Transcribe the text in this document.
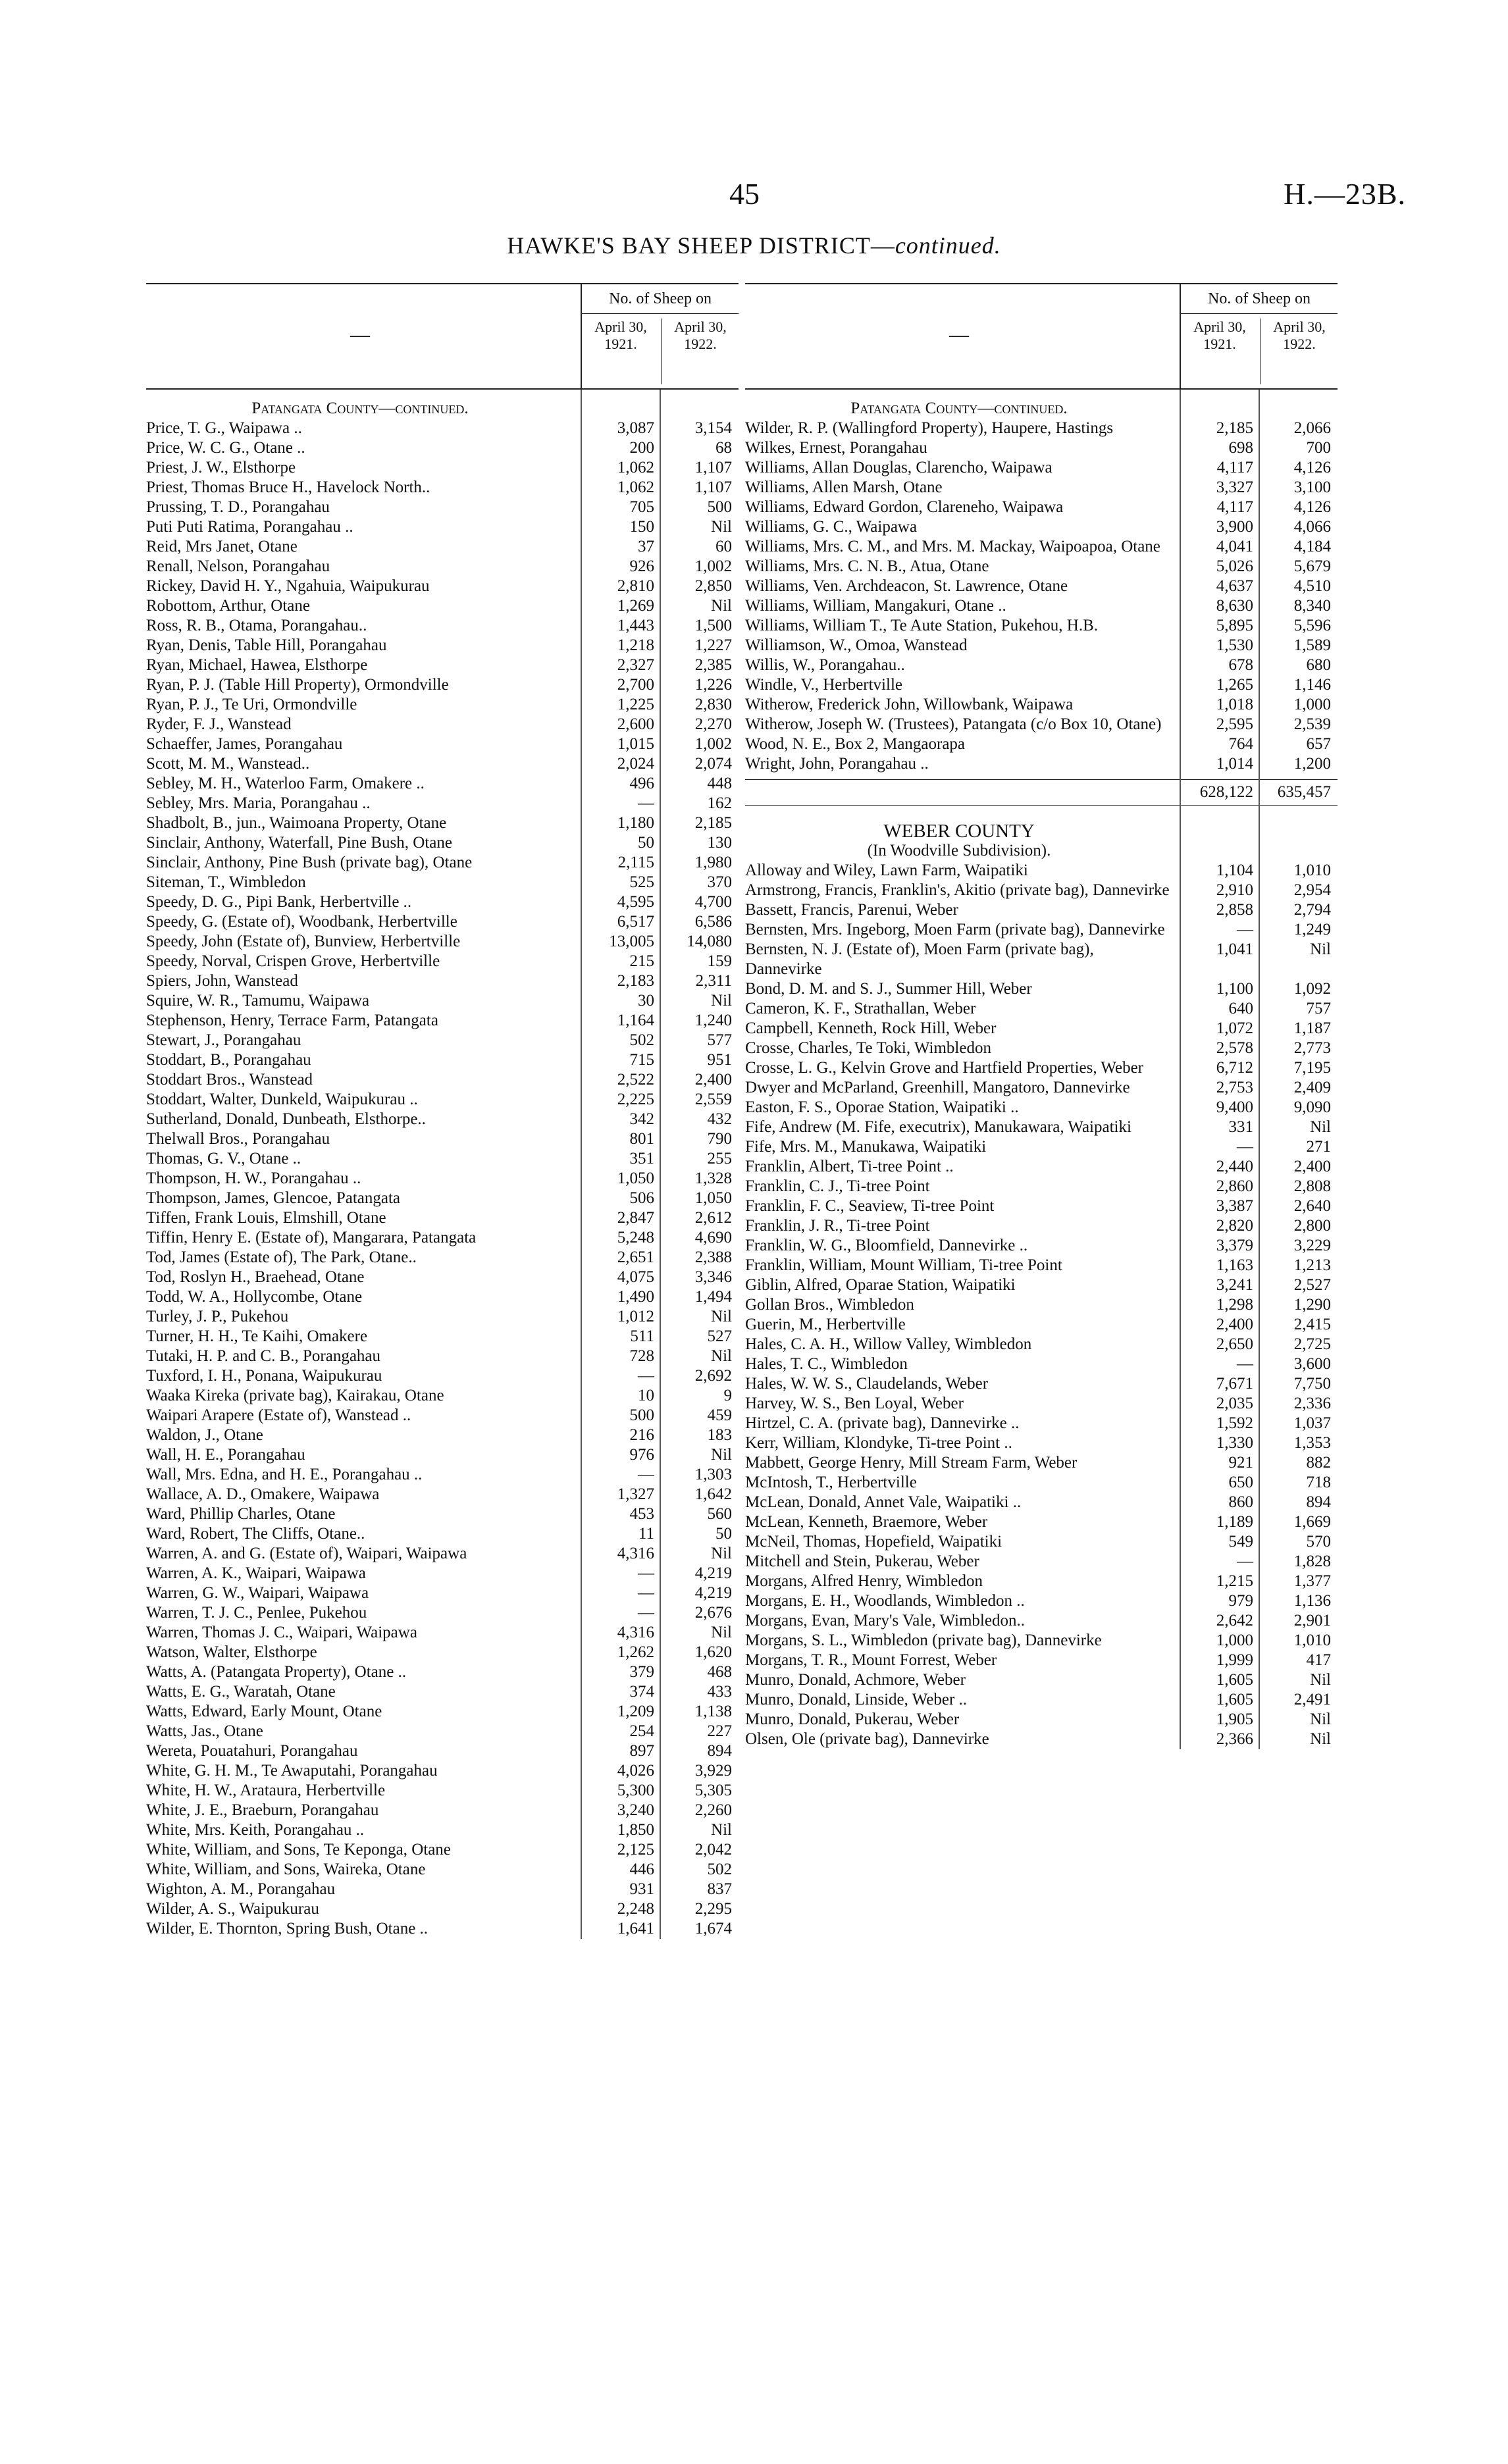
45	H.—23B.
HAWKE'S BAY SHEEP DISTRICT—continued.
—
No. of Sheep on
April 30, 1921.
April 30, 1922.
Patangata County—continued.
Price, T. G., Waipawa ..	3,087	3,154
Price, W. C. G., Otane ..	200	68
Priest, J. W., Elsthorpe	1,062	1,107
Priest, Thomas Bruce H., Havelock North..	1,062	1,107
Prussing, T. D., Porangahau	705	500
Puti Puti Ratima, Porangahau ..	150	Nil
Reid, Mrs Janet, Otane	37	60
Renall, Nelson, Porangahau	926	1,002
Rickey, David H. Y., Ngahuia, Waipukurau	2,810	2,850
Robottom, Arthur, Otane	1,269	Nil
Ross, R. B., Otama, Porangahau..	1,443	1,500
Ryan, Denis, Table Hill, Porangahau	1,218	1,227
Ryan, Michael, Hawea, Elsthorpe	2,327	2,385
Ryan, P. J. (Table Hill Property), Ormondville	2,700	1,226
Ryan, P. J., Te Uri, Ormondville	1,225	2,830
Ryder, F. J., Wanstead	2,600	2,270
Schaeffer, James, Porangahau	1,015	1,002
Scott, M. M., Wanstead..	2,024	2,074
Sebley, M. H., Waterloo Farm, Omakere ..	496	448
Sebley, Mrs. Maria, Porangahau ..	—	162
Shadbolt, B., jun., Waimoana Property, Otane	1,180	2,185
Sinclair, Anthony, Waterfall, Pine Bush, Otane	50	130
Sinclair, Anthony, Pine Bush (private bag), Otane	2,115	1,980
Siteman, T., Wimbledon	525	370
Speedy, D. G., Pipi Bank, Herbertville ..	4,595	4,700
Speedy, G. (Estate of), Woodbank, Herbertville	6,517	6,586
Speedy, John (Estate of), Bunview, Herbertville	13,005	14,080
Speedy, Norval, Crispen Grove, Herbertville	215	159
Spiers, John, Wanstead	2,183	2,311
Squire, W. R., Tamumu, Waipawa	30	Nil
Stephenson, Henry, Terrace Farm, Patangata	1,164	1,240
Stewart, J., Porangahau	502	577
Stoddart, B., Porangahau	715	951
Stoddart Bros., Wanstead	2,522	2,400
Stoddart, Walter, Dunkeld, Waipukurau ..	2,225	2,559
Sutherland, Donald, Dunbeath, Elsthorpe..	342	432
Thelwall Bros., Porangahau	801	790
Thomas, G. V., Otane ..	351	255
Thompson, H. W., Porangahau ..	1,050	1,328
Thompson, James, Glencoe, Patangata	506	1,050
Tiffen, Frank Louis, Elmshill, Otane	2,847	2,612
Tiffin, Henry E. (Estate of), Mangarara, Patangata	5,248	4,690
Tod, James (Estate of), The Park, Otane..	2,651	2,388
Tod, Roslyn H., Braehead, Otane	4,075	3,346
Todd, W. A., Hollycombe, Otane	1,490	1,494
Turley, J. P., Pukehou	1,012	Nil
Turner, H. H., Te Kaihi, Omakere	511	527
Tutaki, H. P. and C. B., Porangahau	728	Nil
Tuxford, I. H., Ponana, Waipukurau	—	2,692
Waaka Kireka (private bag), Kairakau, Otane	10	9
Waipari Arapere (Estate of), Wanstead ..	500	459
Waldon, J., Otane	216	183
Wall, H. E., Porangahau	976	Nil
Wall, Mrs. Edna, and H. E., Porangahau ..	—	1,303
Wallace, A. D., Omakere, Waipawa	1,327	1,642
Ward, Phillip Charles, Otane	453	560
Ward, Robert, The Cliffs, Otane..	11	50
Warren, A. and G. (Estate of), Waipari, Waipawa	4,316	Nil
Warren, A. K., Waipari, Waipawa	—	4,219
Warren, G. W., Waipari, Waipawa	—	4,219
Warren, T. J. C., Penlee, Pukehou	—	2,676
Warren, Thomas J. C., Waipari, Waipawa	4,316	Nil
Watson, Walter, Elsthorpe	1,262	1,620
Watts, A. (Patangata Property), Otane ..	379	468
Watts, E. G., Waratah, Otane	374	433
Watts, Edward, Early Mount, Otane	1,209	1,138
Watts, Jas., Otane	254	227
Wereta, Pouatahuri, Porangahau	897	894
White, G. H. M., Te Awaputahi, Porangahau	4,026	3,929
White, H. W., Arataura, Herbertville	5,300	5,305
White, J. E., Braeburn, Porangahau	3,240	2,260
White, Mrs. Keith, Porangahau ..	1,850	Nil
White, William, and Sons, Te Keponga, Otane	2,125	2,042
White, William, and Sons, Waireka, Otane	446	502
Wighton, A. M., Porangahau	931	837
Wilder, A. S., Waipukurau	2,248	2,295
Wilder, E. Thornton, Spring Bush, Otane ..	1,641	1,674
—
No. of Sheep on
April 30, 1921.
April 30, 1922.
Patangata County—continued.
Wilder, R. P. (Wallingford Property), Haupere, Hastings	2,185	2,066
Wilkes, Ernest, Porangahau	698	700
Williams, Allan Douglas, Clarencho, Waipawa	4,117	4,126
Williams, Allen Marsh, Otane	3,327	3,100
Williams, Edward Gordon, Clareneho, Waipawa	4,117	4,126
Williams, G. C., Waipawa	3,900	4,066
Williams, Mrs. C. M., and Mrs. M. Mackay, Waipoapoa, Otane	4,041	4,184
Williams, Mrs. C. N. B., Atua, Otane	5,026	5,679
Williams, Ven. Archdeacon, St. Lawrence, Otane	4,637	4,510
Williams, William, Mangakuri, Otane ..	8,630	8,340
Williams, William T., Te Aute Station, Pukehou, H.B.	5,895	5,596
Williamson, W., Omoa, Wanstead	1,530	1,589
Willis, W., Porangahau..	678	680
Windle, V., Herbertville	1,265	1,146
Witherow, Frederick John, Willowbank, Waipawa	1,018	1,000
Witherow, Joseph W. (Trustees), Patangata (c/o Box 10, Otane)	2,595	2,539
Wood, N. E., Box 2, Mangaorapa	764	657
Wright, John, Porangahau ..	1,014	1,200
628,122	635,457
WEBER COUNTY
(In Woodville Subdivision).
Alloway and Wiley, Lawn Farm, Waipatiki	1,104	1,010
Armstrong, Francis, Franklin's, Akitio (private bag), Dannevirke	2,910	2,954
Bassett, Francis, Parenui, Weber	2,858	2,794
Bernsten, Mrs. Ingeborg, Moen Farm (private bag), Dannevirke	—	1,249
Bernsten, N. J. (Estate of), Moen Farm (private bag), Dannevirke
1,041	Nil
Bond, D. M. and S. J., Summer Hill, Weber	1,100	1,092
Cameron, K. F., Strathallan, Weber	640	757
Campbell, Kenneth, Rock Hill, Weber	1,072	1,187
Crosse, Charles, Te Toki, Wimbledon	2,578	2,773
Crosse, L. G., Kelvin Grove and Hartfield Properties, Weber	6,712	7,195
Dwyer and McParland, Greenhill, Mangatoro, Dannevirke	2,753	2,409
Easton, F. S., Oporae Station, Waipatiki ..	9,400	9,090
Fife, Andrew (M. Fife, executrix), Manukawara, Waipatiki	331	Nil
Fife, Mrs. M., Manukawa, Waipatiki	—	271
Franklin, Albert, Ti-tree Point ..	2,440	2,400
Franklin, C. J., Ti-tree Point	2,860	2,808
Franklin, F. C., Seaview, Ti-tree Point	3,387	2,640
Franklin, J. R., Ti-tree Point	2,820	2,800
Franklin, W. G., Bloomfield, Dannevirke ..	3,379	3,229
Franklin, William, Mount William, Ti-tree Point	1,163	1,213
Giblin, Alfred, Oparae Station, Waipatiki	3,241	2,527
Gollan Bros., Wimbledon	1,298	1,290
Guerin, M., Herbertville	2,400	2,415
Hales, C. A. H., Willow Valley, Wimbledon	2,650	2,725
Hales, T. C., Wimbledon	—	3,600
Hales, W. W. S., Claudelands, Weber	7,671	7,750
Harvey, W. S., Ben Loyal, Weber	2,035	2,336
Hirtzel, C. A. (private bag), Dannevirke ..	1,592	1,037
Kerr, William, Klondyke, Ti-tree Point ..	1,330	1,353
Mabbett, George Henry, Mill Stream Farm, Weber	921	882
McIntosh, T., Herbertville	650	718
McLean, Donald, Annet Vale, Waipatiki ..	860	894
McLean, Kenneth, Braemore, Weber	1,189	1,669
McNeil, Thomas, Hopefield, Waipatiki	549	570
Mitchell and Stein, Pukerau, Weber	—	1,828
Morgans, Alfred Henry, Wimbledon	1,215	1,377
Morgans, E. H., Woodlands, Wimbledon ..	979	1,136
Morgans, Evan, Mary's Vale, Wimbledon..	2,642	2,901
Morgans, S. L., Wimbledon (private bag), Dannevirke	1,000	1,010
Morgans, T. R., Mount Forrest, Weber	1,999	417
Munro, Donald, Achmore, Weber	1,605	Nil
Munro, Donald, Linside, Weber ..	1,605	2,491
Munro, Donald, Pukerau, Weber	1,905	Nil
Olsen, Ole (private bag), Dannevirke	2,366	Nil
